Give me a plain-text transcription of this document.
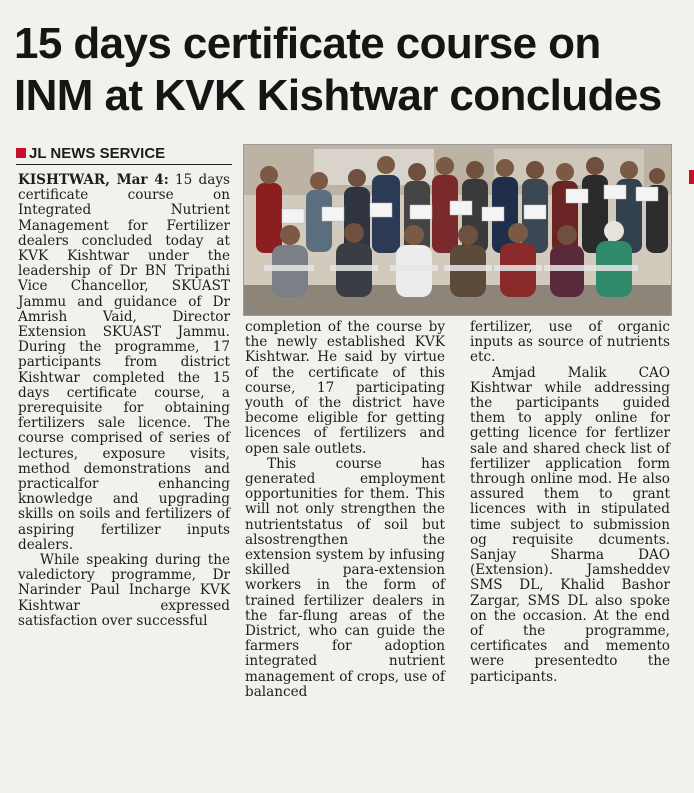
15 days certificate course on INM at KVK Kishtwar concludes
JL NEWS SERVICE

KISHTWAR, Mar 4: 15 days certificate course on Integrated Nutrient Management for Fertilizer dealers concluded today at KVK Kishtwar under the leadership of Dr BN Tripathi Vice Chancellor, SKUAST Jammu and guidance of Dr Amrish Vaid, Director Extension SKUAST Jammu. During the programme, 17 participants from district Kishtwar completed the 15 days certificate course, a prerequisite for obtaining fertilizers sale licence. The course comprised of series of lectures, exposure visits, method demonstrations and practicalfor enhancing knowledge and upgrading skills on soils and fertilizers of aspiring fertilizer inputs dealers.

While speaking during the valedictory programme, Dr Narinder Paul Incharge KVK Kishtwar expressed satisfaction over successful

completion of the course by the newly established KVK Kishtwar. He said by virtue of the certificate of this course, 17 participating youth of the district have become eligible for getting licences of fertilizers and open sale outlets.

This course has generated employment opportunities for them. This will not only strengthen the nutrientstatus of soil but alsostrengthen the extension system by infusing skilled para-extension workers in the form of trained fertilizer dealers in the far-flung areas of the District, who can guide the farmers for adoption integrated nutrient management of crops, use of balanced

fertilizer, use of organic inputs as source of nutrients etc.

Amjad Malik CAO Kishtwar while addressing the participants guided them to apply online for getting licence for fertlizer sale and shared check list of fertilizer application form through online mod. He also assured them to grant licences with in stipulated time subject to submission og requisite dcuments. Sanjay Sharma DAO (Extension). Jamsheddev SMS DL, Khalid Bashor Zargar, SMS DL also spoke on the occasion. At the end of the programme, certificates and memento were presentedto the participants.
